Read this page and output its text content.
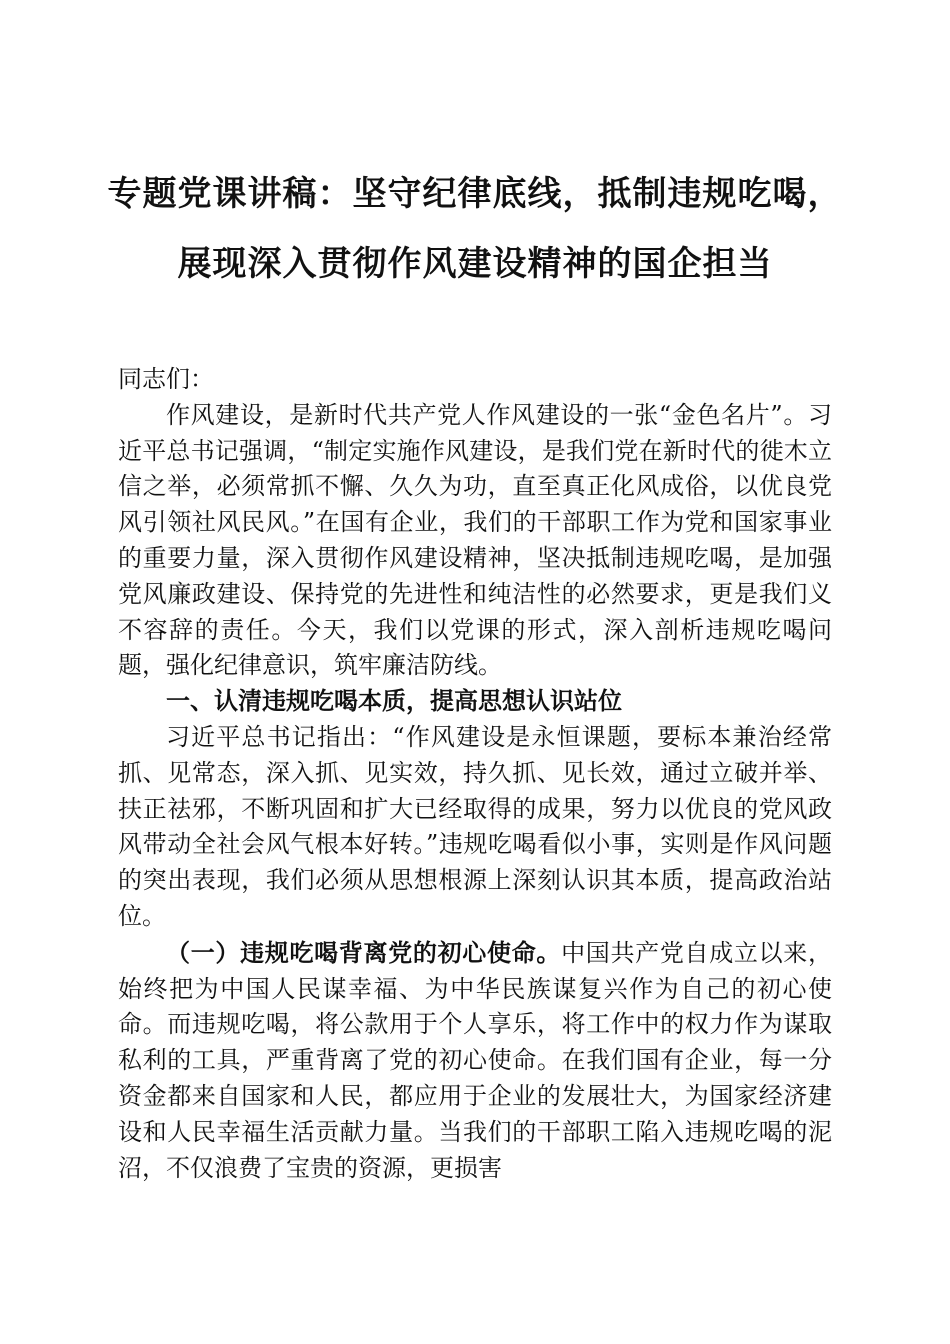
专题党课讲稿：坚守纪律底线，抵制违规吃喝，
展现深入贯彻作风建设精神的国企担当

同志们：

作风建设，是新时代共产党人作风建设的一张“金色名片”。习近平总书记强调，“制定实施作风建设，是我们党在新时代的徙木立信之举，必须常抓不懈、久久为功，直至真正化风成俗，以优良党风引领社风民风。”在国有企业，我们的干部职工作为党和国家事业的重要力量，深入贯彻作风建设精神，坚决抵制违规吃喝，是加强党风廉政建设、保持党的先进性和纯洁性的必然要求，更是我们义不容辞的责任。今天，我们以党课的形式，深入剖析违规吃喝问题，强化纪律意识，筑牢廉洁防线。

一、认清违规吃喝本质，提高思想认识站位

习近平总书记指出：“作风建设是永恒课题，要标本兼治经常抓、见常态，深入抓、见实效，持久抓、见长效，通过立破并举、扶正祛邪，不断巩固和扩大已经取得的成果，努力以优良的党风政风带动全社会风气根本好转。”违规吃喝看似小事，实则是作风问题的突出表现，我们必须从思想根源上深刻认识其本质，提高政治站位。

（一）违规吃喝背离党的初心使命。中国共产党自成立以来，始终把为中国人民谋幸福、为中华民族谋复兴作为自己的初心使命。而违规吃喝，将公款用于个人享乐，将工作中的权力作为谋取私利的工具，严重背离了党的初心使命。在我们国有企业，每一分资金都来自国家和人民，都应用于企业的发展壮大，为国家经济建设和人民幸福生活贡献力量。当我们的干部职工陷入违规吃喝的泥沼，不仅浪费了宝贵的资源，更损害
